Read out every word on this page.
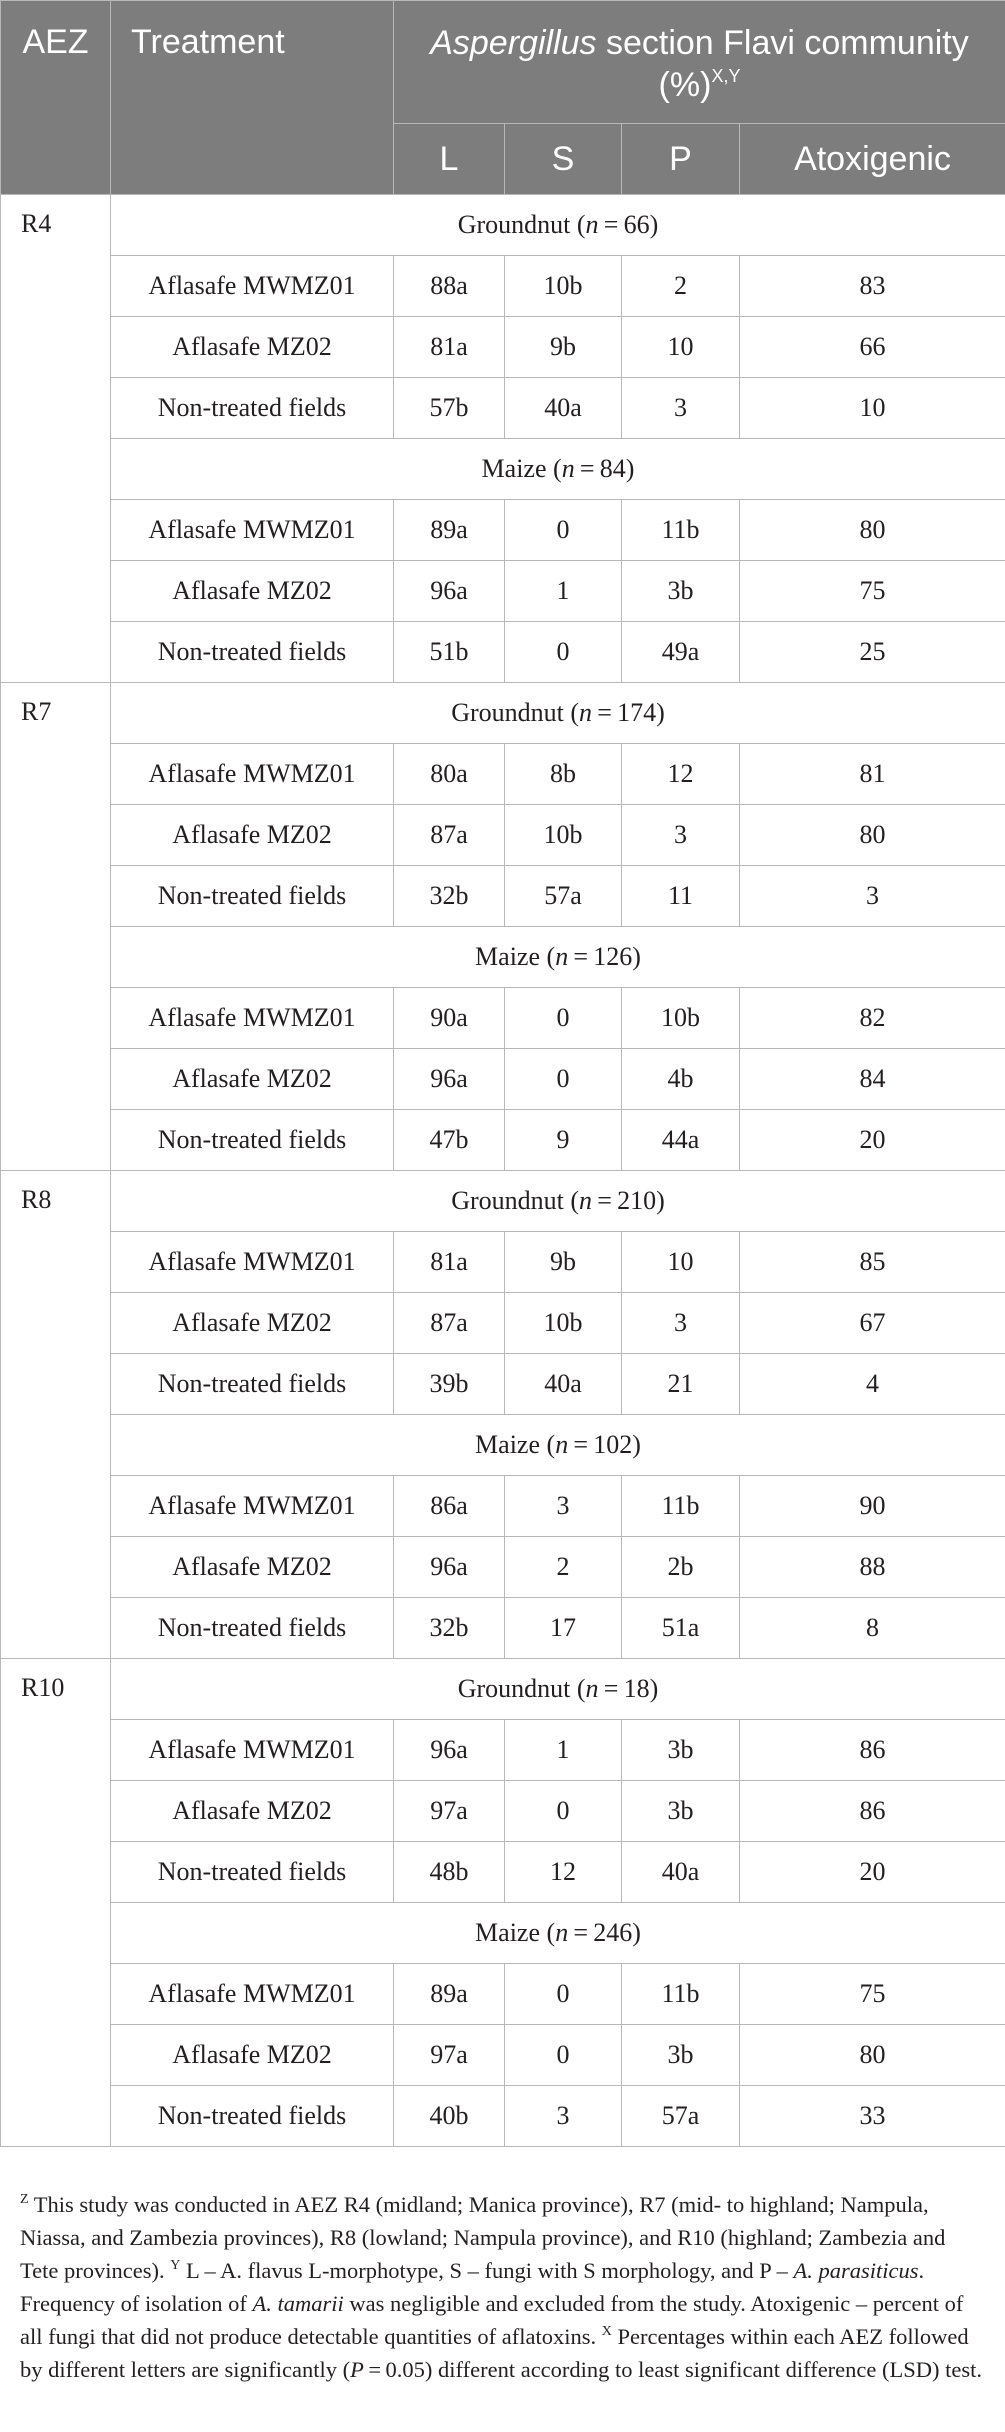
AEZ	Treatment	Aspergillus section Flavi community (%)$^{X,Y}$
		L	S	P	Atoxigenic
R4	Groundnut (n = 66)				
	Aflasafe MWMZ01	88a	10b	2	83
	Aflasafe MZ02	81a	9b	10	66
	Non-treated fields	57b	40a	3	10
	Maize (n = 84)				
	Aflasafe MWMZ01	89a	0	11b	80
	Aflasafe MZ02	96a	1	3b	75
	Non-treated fields	51b	0	49a	25
R7	Groundnut (n = 174)				
	Aflasafe MWMZ01	80a	8b	12	81
	Aflasafe MZ02	87a	10b	3	80
	Non-treated fields	32b	57a	11	3
	Maize (n = 126)				
	Aflasafe MWMZ01	90a	0	10b	82
	Aflasafe MZ02	96a	0	4b	84
	Non-treated fields	47b	9	44a	20
R8	Groundnut (n = 210)				
	Aflasafe MWMZ01	81a	9b	10	85
	Aflasafe MZ02	87a	10b	3	67
	Non-treated fields	39b	40a	21	4
	Maize (n = 102)				
	Aflasafe MWMZ01	86a	3	11b	90
	Aflasafe MZ02	96a	2	2b	88
	Non-treated fields	32b	17	51a	8
R10	Groundnut (n = 18)				
	Aflasafe MWMZ01	96a	1	3b	86
	Aflasafe MZ02	97a	0	3b	86
	Non-treated fields	48b	12	40a	20
	Maize (n = 246)				
	Aflasafe MWMZ01	89a	0	11b	75
	Aflasafe MZ02	97a	0	3b	80
	Non-treated fields	40b	3	57a	33
$^Z$ This study was conducted in AEZ R4 (midland; Manica province), R7 (mid- to highland; Nampula, Niassa, and Zambezia provinces), R8 (lowland; Nampula province), and R10 (highland; Zambezia and Tete provinces). $^Y$ L – A. flavus L-morphotype, S – fungi with S morphology, and P – A. parasiticus. Frequency of isolation of A. tamarii was negligible and excluded from the study. Atoxigenic – percent of all fungi that did not produce detectable quantities of aflatoxins. $^X$ Percentages within each AEZ followed by different letters are significantly (P = 0.05) different according to least significant difference (LSD) test.
